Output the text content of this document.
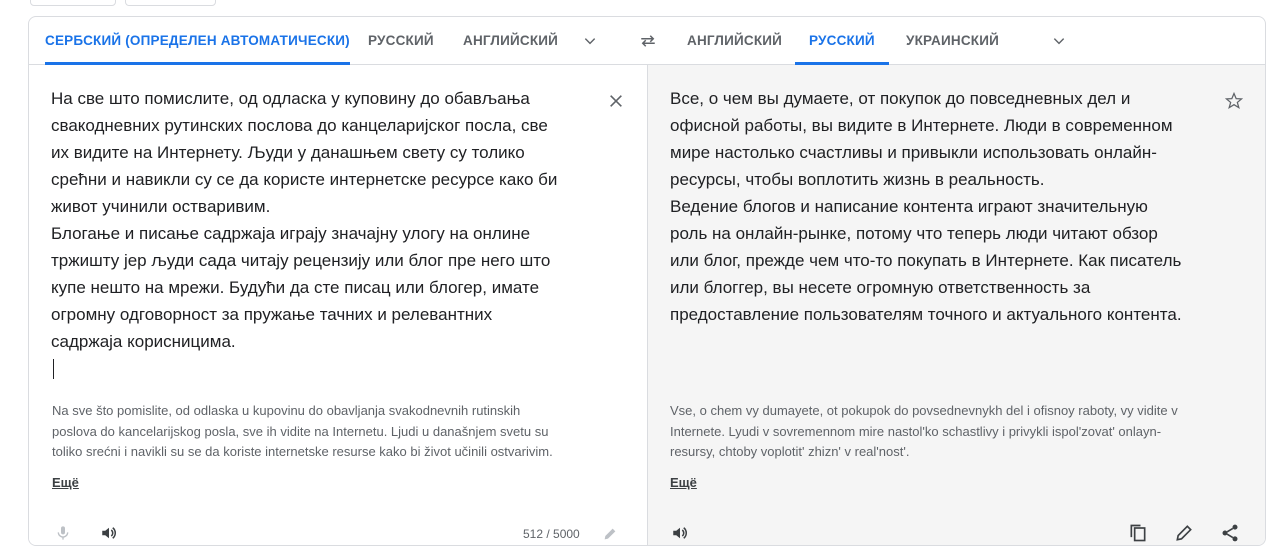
СЕРБСКИЙ (ОПРЕДЕЛЕН АВТОМАТИЧЕСКИ) РУССКИЙ АНГЛИЙСКИЙ	АНГЛИЙСКИЙ	РУССКИЙ	УКРАИНСКИЙ
На све што помислите, од одласка у куповину до обављања
свакодневних рутинских послова до канцеларијског посла, све
их видите на Интернету. Људи у данашњем свету су толико
срећни и навикли су се да користе интернетске ресурсе како би
живот учинили оствaривим.
Блогање и писање садржаја играју значајну улогу на онлине
тржишту јер људи сада читају рецензију или блог пре него што
купе нешто на мрежи. Будући да сте писац или блогер, имате
огромну одговорност за пружање тачних и релевантних
садржаја корисницима.
Na sve što pomislite, od odlaska u kupovinu do obavljanja svakodnevnih rutinskih
poslova do kancelarijskog posla, sve ih vidite na Internetu. Ljudi u današnjem svetu su
toliko srećni i navikli su se da koriste internetske resurse kako bi život učinili ostvarivim.
Ещё
512 / 5000
Все, о чем вы думаете, от покупок до повседневных дел и
офисной работы, вы видите в Интернете. Люди в современном
мире настолько счастливы и привыкли использовать онлайн-
ресурсы, чтобы воплотить жизнь в реальность.
Ведение блогов и написание контента играют значительную
роль на онлайн-рынке, потому что теперь люди читают обзор
или блог, прежде чем что-то покупать в Интернете. Как писатель
или блоггер, вы несете огромную ответственность за
предоставление пользователям точного и актуального контента.
Vse, o chem vy dumayete, ot pokupok do povsednevnykh del i ofisnoy raboty, vy vidite v
Internete. Lyudi v sovremennom mire nastol'ko schastlivy i privykli ispol'zovat' onlayn-
resursy, chtoby voplotit' zhizn' v real'nost'.
Ещё
